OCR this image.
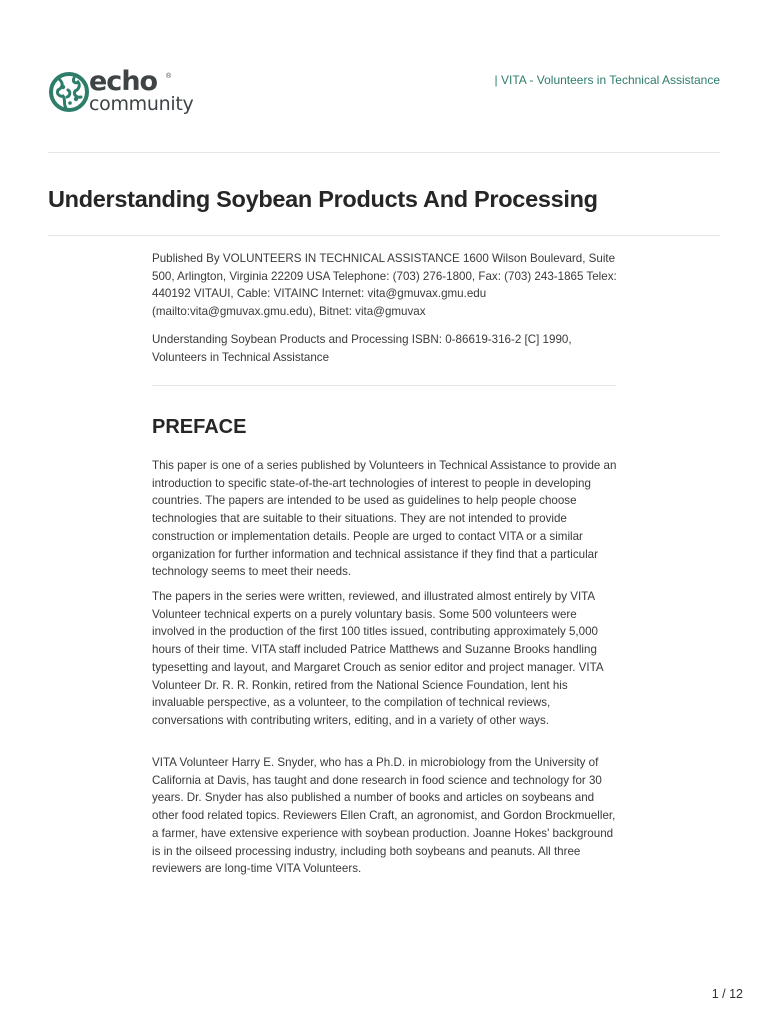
echo ®
community
| VITA - Volunteers in Technical Assistance
Understanding Soybean Products And Processing

Published By VOLUNTEERS IN TECHNICAL ASSISTANCE 1600 Wilson Boulevard, Suite 500, Arlington, Virginia 22209 USA Telephone: (703) 276-1800, Fax: (703) 243-1865 Telex: 440192 VITAUI, Cable: VITAINC Internet: vita@gmuvax.gmu.edu (mailto:vita@gmuvax.gmu.edu), Bitnet: vita@gmuvax

Understanding Soybean Products and Processing ISBN: 0-86619-316-2 [C] 1990, Volunteers in Technical Assistance

PREFACE

This paper is one of a series published by Volunteers in Technical Assistance to provide an introduction to specific state-of-the-art technologies of interest to people in developing countries. The papers are intended to be used as guidelines to help people choose technologies that are suitable to their situations. They are not intended to provide construction or implementation details. People are urged to contact VITA or a similar organization for further information and technical assistance if they find that a particular technology seems to meet their needs.

The papers in the series were written, reviewed, and illustrated almost entirely by VITA Volunteer technical experts on a purely voluntary basis. Some 500 volunteers were involved in the production of the first 100 titles issued, contributing approximately 5,000 hours of their time. VITA staff included Patrice Matthews and Suzanne Brooks handling typesetting and layout, and Margaret Crouch as senior editor and project manager. VITA Volunteer Dr. R. R. Ronkin, retired from the National Science Foundation, lent his invaluable perspective, as a volunteer, to the compilation of technical reviews, conversations with contributing writers, editing, and in a variety of other ways.

VITA Volunteer Harry E. Snyder, who has a Ph.D. in microbiology from the University of California at Davis, has taught and done research in food science and technology for 30 years. Dr. Snyder has also published a number of books and articles on soybeans and other food related topics. Reviewers Ellen Craft, an agronomist, and Gordon Brockmueller, a farmer, have extensive experience with soybean production. Joanne Hokes' background is in the oilseed processing industry, including both soybeans and peanuts. All three reviewers are long-time VITA Volunteers.

1 / 12
